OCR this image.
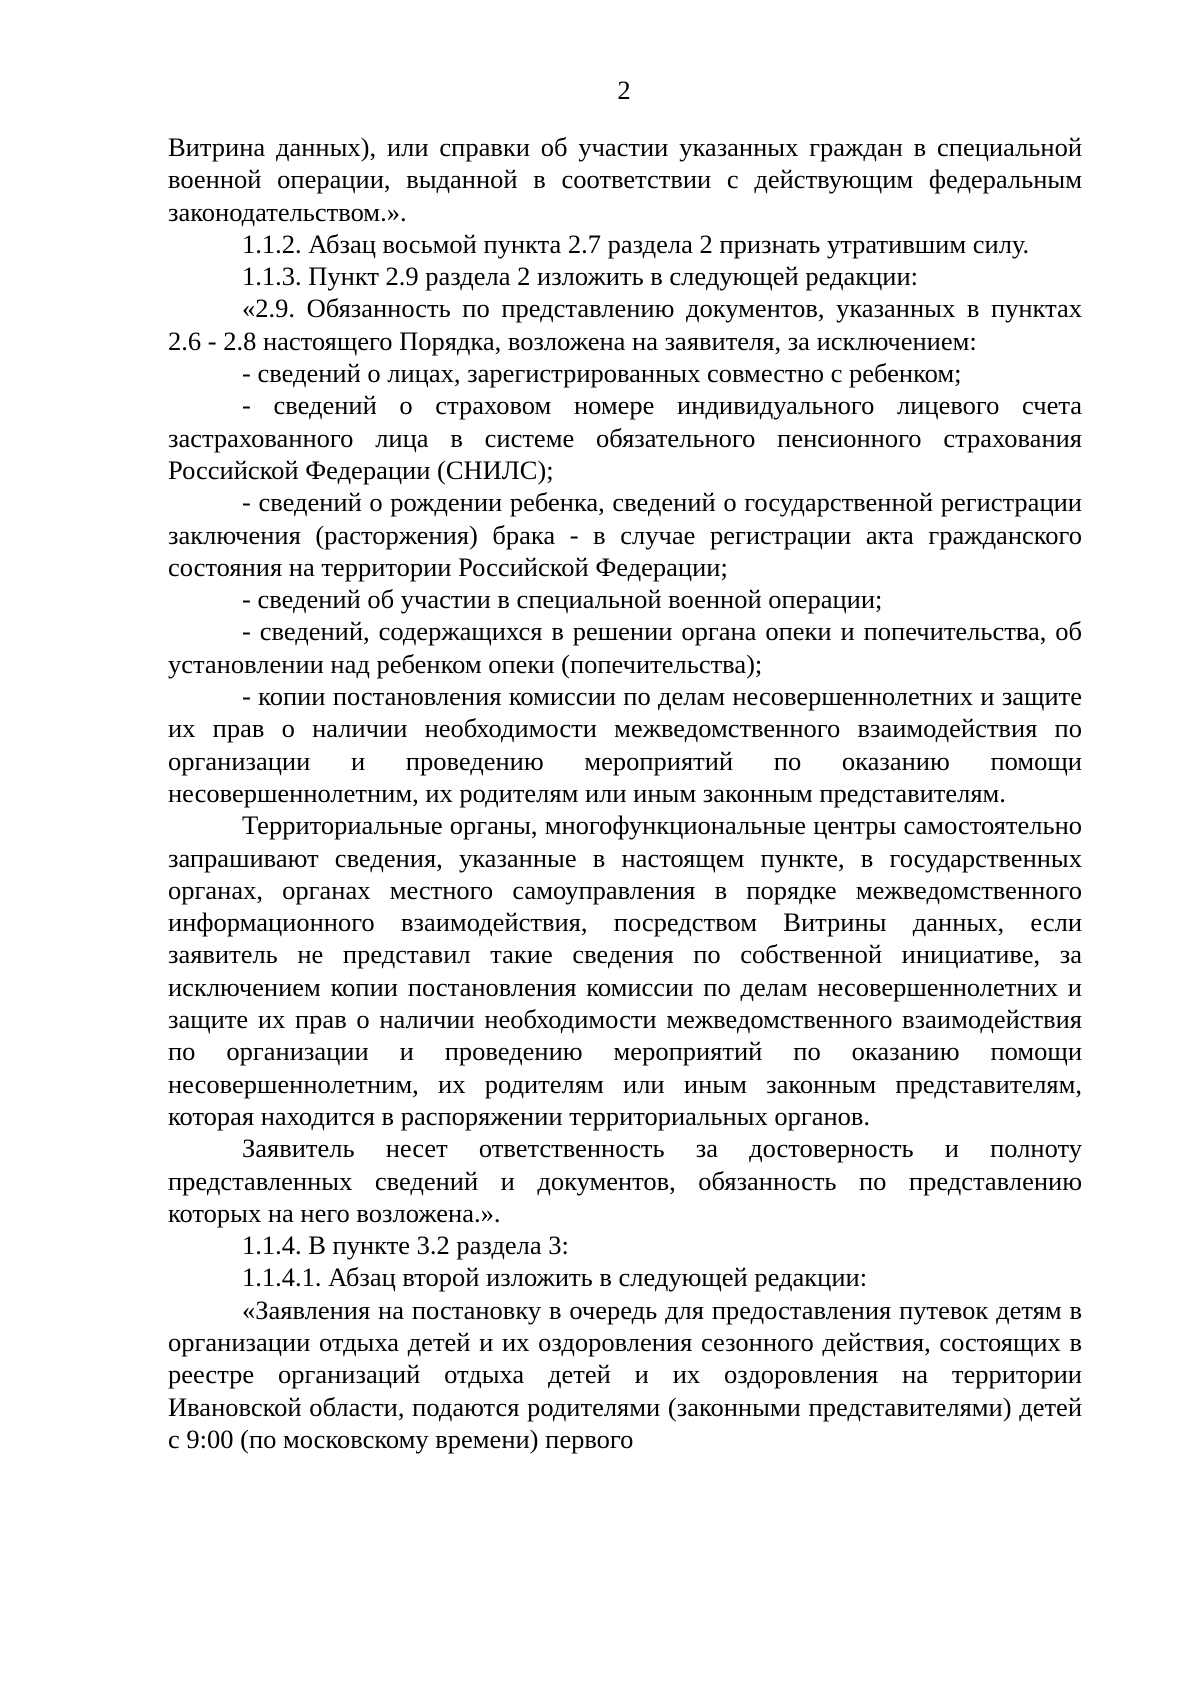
2

Витрина данных), или справки об участии указанных граждан в специальной военной операции, выданной в соответствии с действующим федеральным законодательством.».

1.1.2. Абзац восьмой пункта 2.7 раздела 2 признать утратившим силу.

1.1.3. Пункт 2.9 раздела 2 изложить в следующей редакции:

«2.9. Обязанность по представлению документов, указанных в пунктах 2.6 - 2.8 настоящего Порядка, возложена на заявителя, за исключением:

- сведений о лицах, зарегистрированных совместно с ребенком;

- сведений о страховом номере индивидуального лицевого счета застрахованного лица в системе обязательного пенсионного страхования Российской Федерации (СНИЛС);

- сведений о рождении ребенка, сведений о государственной регистрации заключения (расторжения) брака - в случае регистрации акта гражданского состояния на территории Российской Федерации;

- сведений об участии в специальной военной операции;

- сведений, содержащихся в решении органа опеки и попечительства, об установлении над ребенком опеки (попечительства);

- копии постановления комиссии по делам несовершеннолетних и защите их прав о наличии необходимости межведомственного взаимодействия по организации и проведению мероприятий по оказанию помощи несовершеннолетним, их родителям или иным законным представителям.

Территориальные органы, многофункциональные центры самостоятельно запрашивают сведения, указанные в настоящем пункте, в государственных органах, органах местного самоуправления в порядке межведомственного информационного взаимодействия, посредством Витрины данных, если заявитель не представил такие сведения по собственной инициативе, за исключением копии постановления комиссии по делам несовершеннолетних и защите их прав о наличии необходимости межведомственного взаимодействия по организации и проведению мероприятий по оказанию помощи несовершеннолетним, их родителям или иным законным представителям, которая находится в распоряжении территориальных органов.

Заявитель несет ответственность за достоверность и полноту представленных сведений и документов, обязанность по представлению которых на него возложена.».

1.1.4. В пункте 3.2 раздела 3:

1.1.4.1. Абзац второй изложить в следующей редакции:

«Заявления на постановку в очередь для предоставления путевок детям в организации отдыха детей и их оздоровления сезонного действия, состоящих в реестре организаций отдыха детей и их оздоровления на территории Ивановской области, подаются родителями (законными представителями) детей с 9:00 (по московскому времени) первого
